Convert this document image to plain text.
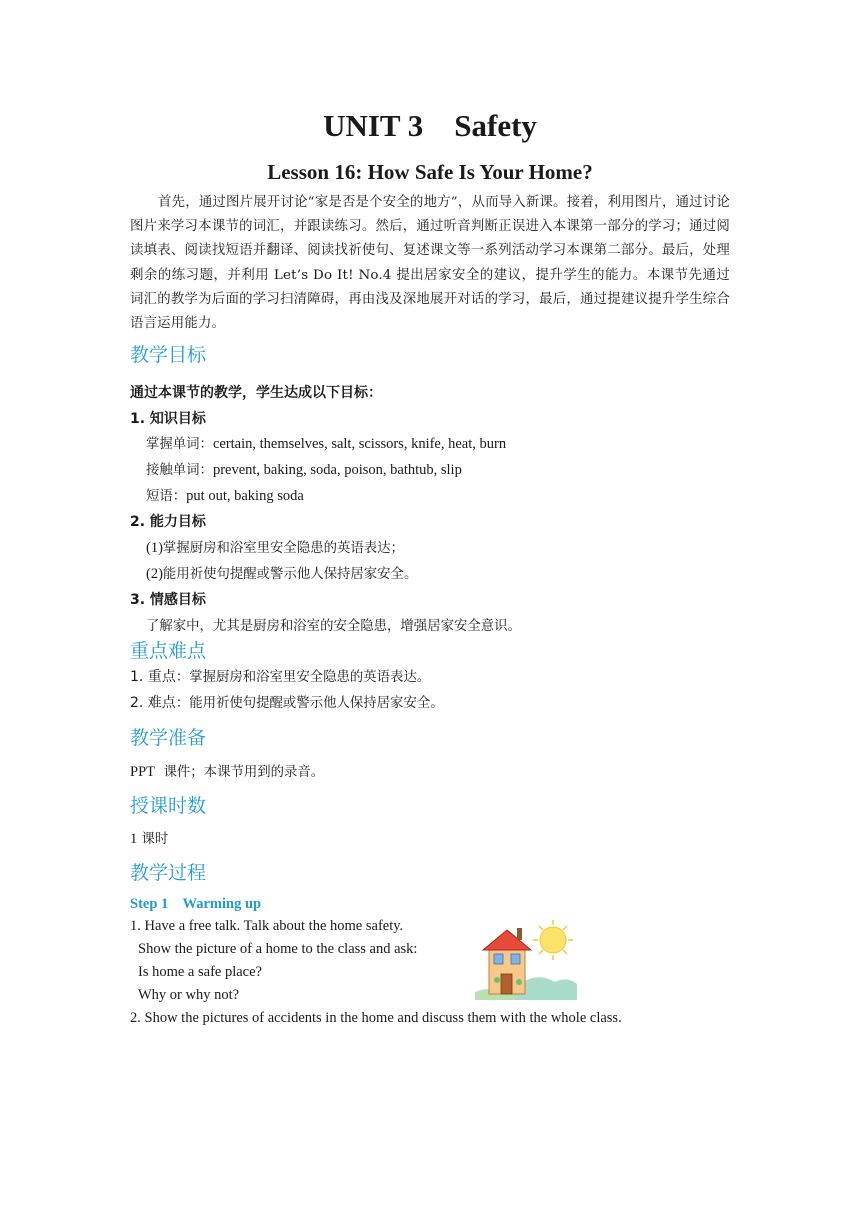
UNIT 3    Safety
Lesson 16: How Safe Is Your Home?
首先，通过图片展开讨论“家是否是个安全的地方”，从而导入新课。接着，利用图片，通过讨论图片来学习本课节的词汇，并跟读练习。然后，通过听音判断正误进入本课第一部分的学习；通过阅读填表、阅读找短语并翻译、阅读找祈使句、复述课文等一系列活动学习本课第二部分。最后，处理剩余的练习题，并利用 Let’s Do It! No.4 提出居家安全的建议，提升学生的能力。本课节先通过词汇的教学为后面的学习扫清障碍，再由浅及深地展开对话的学习，最后，通过提建议提升学生综合语言运用能力。
教学目标
通过本课节的教学，学生达成以下目标：
1. 知识目标
掌握单词：certain, themselves, salt, scissors, knife, heat, burn
接触单词：prevent, baking, soda, poison, bathtub, slip
短语：put out, baking soda
2. 能力目标
(1)掌握厨房和浴室里安全隐患的英语表达；
(2)能用祈使句提醒或警示他人保持居家安全。
3. 情感目标
了解家中，尤其是厨房和浴室的安全隐患，增强居家安全意识。
重点难点
1. 重点：掌握厨房和浴室里安全隐患的英语表达。
2. 难点：能用祈使句提醒或警示他人保持居家安全。
教学准备
PPT 课件；本课节用到的录音。
授课时数
1 课时
教学过程
Step 1    Warming up
1. Have a free talk. Talk about the home safety.
Show the picture of a home to the class and ask:
Is home a safe place?
Why or why not?
2. Show the pictures of accidents in the home and discuss them with the whole class.
